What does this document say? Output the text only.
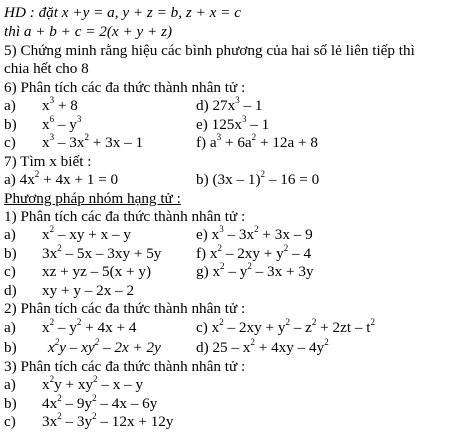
HD : đặt x +y = a, y + z = b, z + x = c
thì a + b + c = 2(x + y + z)
5) Chứng minh rằng hiệu các bình phương của hai số lẻ liên tiếp thì
chia hết cho 8
6) Phân tích các đa thức thành nhân tử :
a) $x^3 + 8$	d) $27x^3 - 1$
b) $x^6 - y^3$	e) $125x^3 - 1$
c) $x^3 - 3x^2 + 3x - 1$	f) $a^3 + 6a^2 + 12a + 8$
7) Tìm x biết :
a) $4x^2 + 4x + 1 = 0$	b) (3x – 1)$^2$ – 16 = 0
Phương pháp nhóm hạng tử :
1) Phân tích các đa thức thành nhân tử :
a) $x^2$ – xy + x – y	e) $x^3 - 3x^2 + 3x - 9$
b) $3x^2 - 5x - 3xy + 5y$ f) $x^2 - 2xy + y^2 - 4$
c) xz + yz – 5(x + y)	g) $x^2 - y^2 - 3x + 3y$
d) xy + y – 2x – 2
2) Phân tích các đa thức thành nhân tử :
a) $x^2 - y^2 + 4x + 4$	c) $x^2 - 2xy + y^2 - z^2 + 2zt - t^2$
b) $x^2y - xy^2 - 2x + 2y$ d) $25 - x^2 + 4xy - 4y^2$
3) Phân tích các đa thức thành nhân tử :
a) $x^2y + xy^2 - x - y$
b) $4x^2 - 9y^2 - 4x - 6y$
c) $3x^2 - 3y^2 - 12x + 12y$
